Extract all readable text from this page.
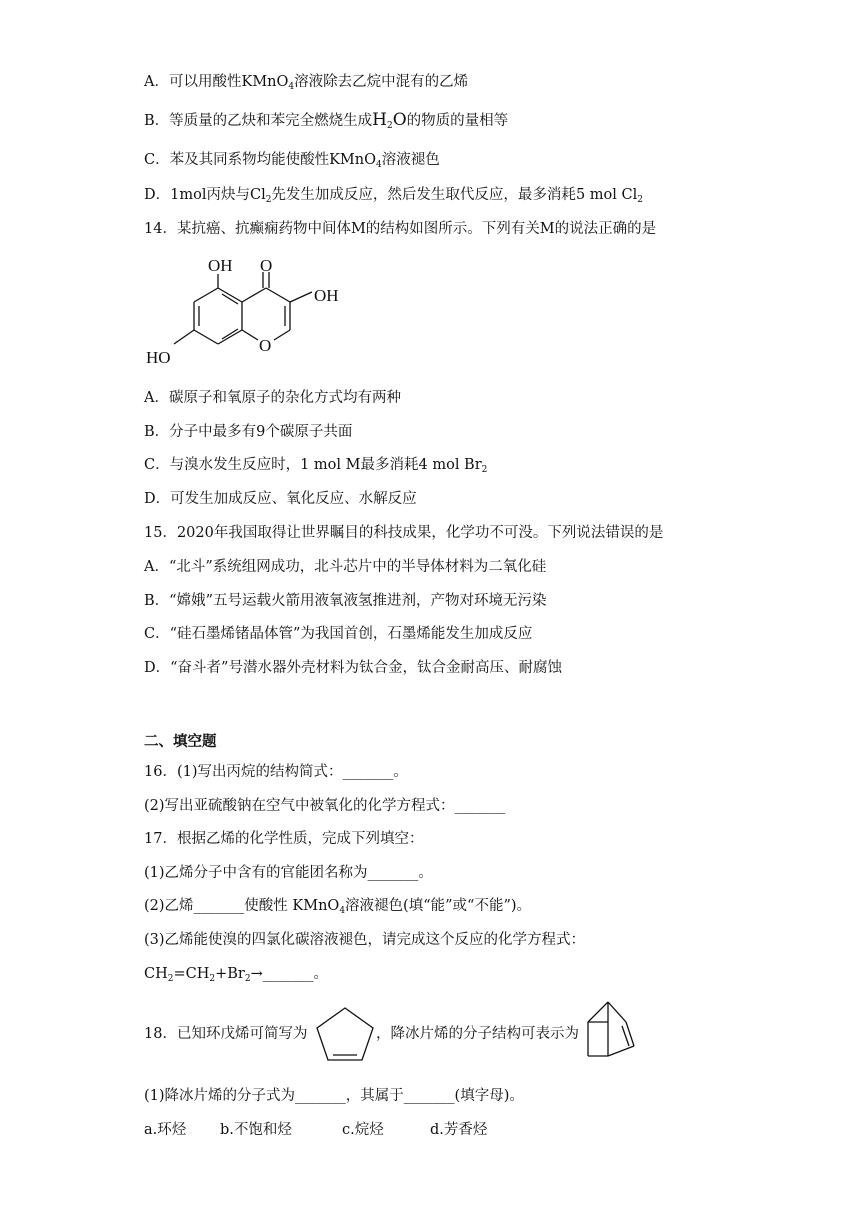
A．可以用酸性KMnO$_4$溶液除去乙烷中混有的乙烯
B．等质量的乙炔和苯完全燃烧生成$H_2O$的物质的量相等
C．苯及其同系物均能使酸性KMnO$_4$溶液褪色
D．1mol丙炔与$Cl_2$先发生加成反应，然后发生取代反应，最多消耗5 mol $Cl_2$
14．某抗癌、抗癫痫药物中间体M的结构如图所示。下列有关M的说法正确的是
OH O
OH
HO
O
A．碳原子和氧原子的杂化方式均有两种
B．分子中最多有9个碳原子共面
C．与溴水发生反应时，1 mol M最多消耗4 mol $Br_2$
D．可发生加成反应、氧化反应、水解反应
15．2020年我国取得让世界瞩目的科技成果，化学功不可没。下列说法错误的是
A．“北斗”系统组网成功，北斗芯片中的半导体材料为二氧化硅
B．“嫦娥”五号运载火箭用液氧液氢推进剂，产物对环境无污染
C．“硅石墨烯锗晶体管”为我国首创，石墨烯能发生加成反应
D．“奋斗者”号潜水器外壳材料为钛合金，钛合金耐高压、耐腐蚀
二、填空题
16．(1)写出丙烷的结构简式：_______。
(2)写出亚硫酸钠在空气中被氧化的化学方程式：_______
17．根据乙烯的化学性质，完成下列填空：
(1)乙烯分子中含有的官能团名称为_______。
(2)乙烯_______使酸性 KMnO$_4$溶液褪色(填“能”或“不能”)。
(3)乙烯能使溴的四氯化碳溶液褪色，请完成这个反应的化学方程式：
$CH_2=CH_2+Br_2\to\_\_\_\_\_\_\_$。
18．已知环戊烯可简写为	，降冰片烯的分子结构可表示为
(1)降冰片烯的分子式为_______，其属于_______(填字母)。
a.环烃 b.不饱和烃	c.烷烃	d.芳香烃
